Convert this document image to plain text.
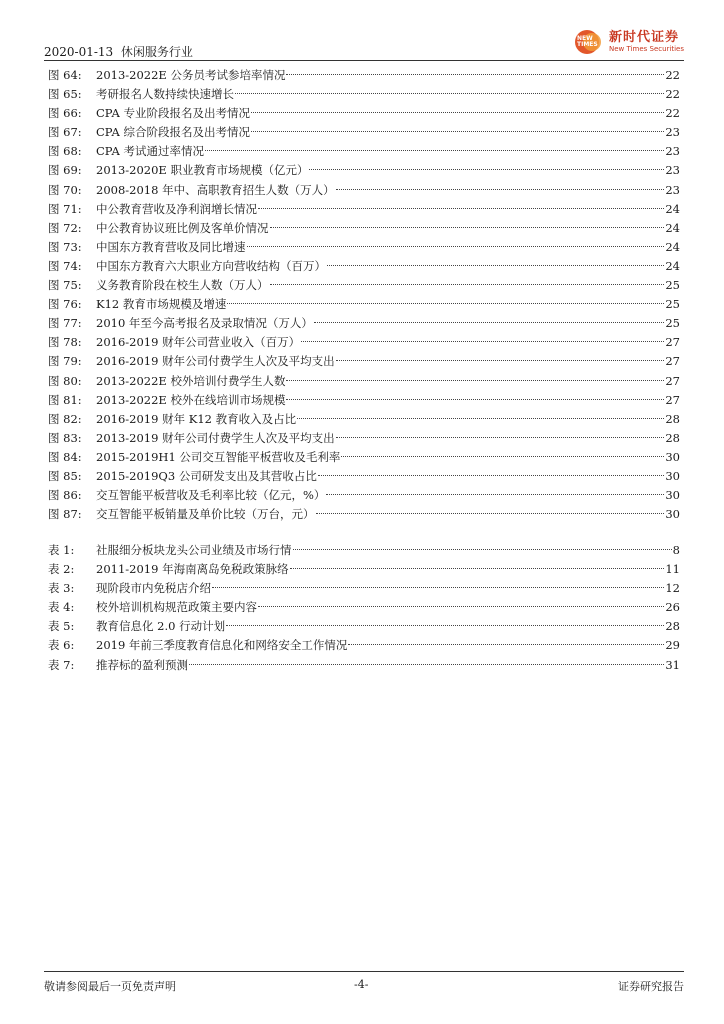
2020-01-13 休闲服务行业
NEW TIMES 新时代证券
New Times Securities
图 64:	2013-2022E 公务员考试参培率情况	22
图 65:	考研报名人数持续快速增长	22
图 66:	CPA 专业阶段报名及出考情况	22
图 67:	CPA 综合阶段报名及出考情况	23
图 68:	CPA 考试通过率情况	23
图 69:	2013-2020E 职业教育市场规模（亿元）	23
图 70:	2008-2018 年中、高职教育招生人数（万人）	23
图 71:	中公教育营收及净利润增长情况	24
图 72:	中公教育协议班比例及客单价情况	24
图 73:	中国东方教育营收及同比增速	24
图 74:	中国东方教育六大职业方向营收结构（百万）	24
图 75:	义务教育阶段在校生人数（万人）	25
图 76:	K12 教育市场规模及增速	25
图 77:	2010 年至今高考报名及录取情况（万人）	25
图 78:	2016-2019 财年公司营业收入（百万）	27
图 79:	2016-2019 财年公司付费学生人次及平均支出	27
图 80:	2013-2022E 校外培训付费学生人数	27
图 81:	2013-2022E 校外在线培训市场规模	27
图 82:	2016-2019 财年 K12 教育收入及占比	28
图 83:	2013-2019 财年公司付费学生人次及平均支出	28
图 84:	2015-2019H1 公司交互智能平板营收及毛利率	30
图 85:	2015-2019Q3 公司研发支出及其营收占比	30
图 86:	交互智能平板营收及毛利率比较（亿元，%）	30
图 87:	交互智能平板销量及单价比较（万台，元）	30
表 1:	社服细分板块龙头公司业绩及市场行情	8
表 2:	2011-2019 年海南离岛免税政策脉络	11
表 3:	现阶段市内免税店介绍	12
表 4:	校外培训机构规范政策主要内容	26
表 5:	教育信息化 2.0 行动计划	28
表 6:	2019 年前三季度教育信息化和网络安全工作情况	29
表 7:	推荐标的盈利预测	31
敬请参阅最后一页免责声明	-4-	证券研究报告
